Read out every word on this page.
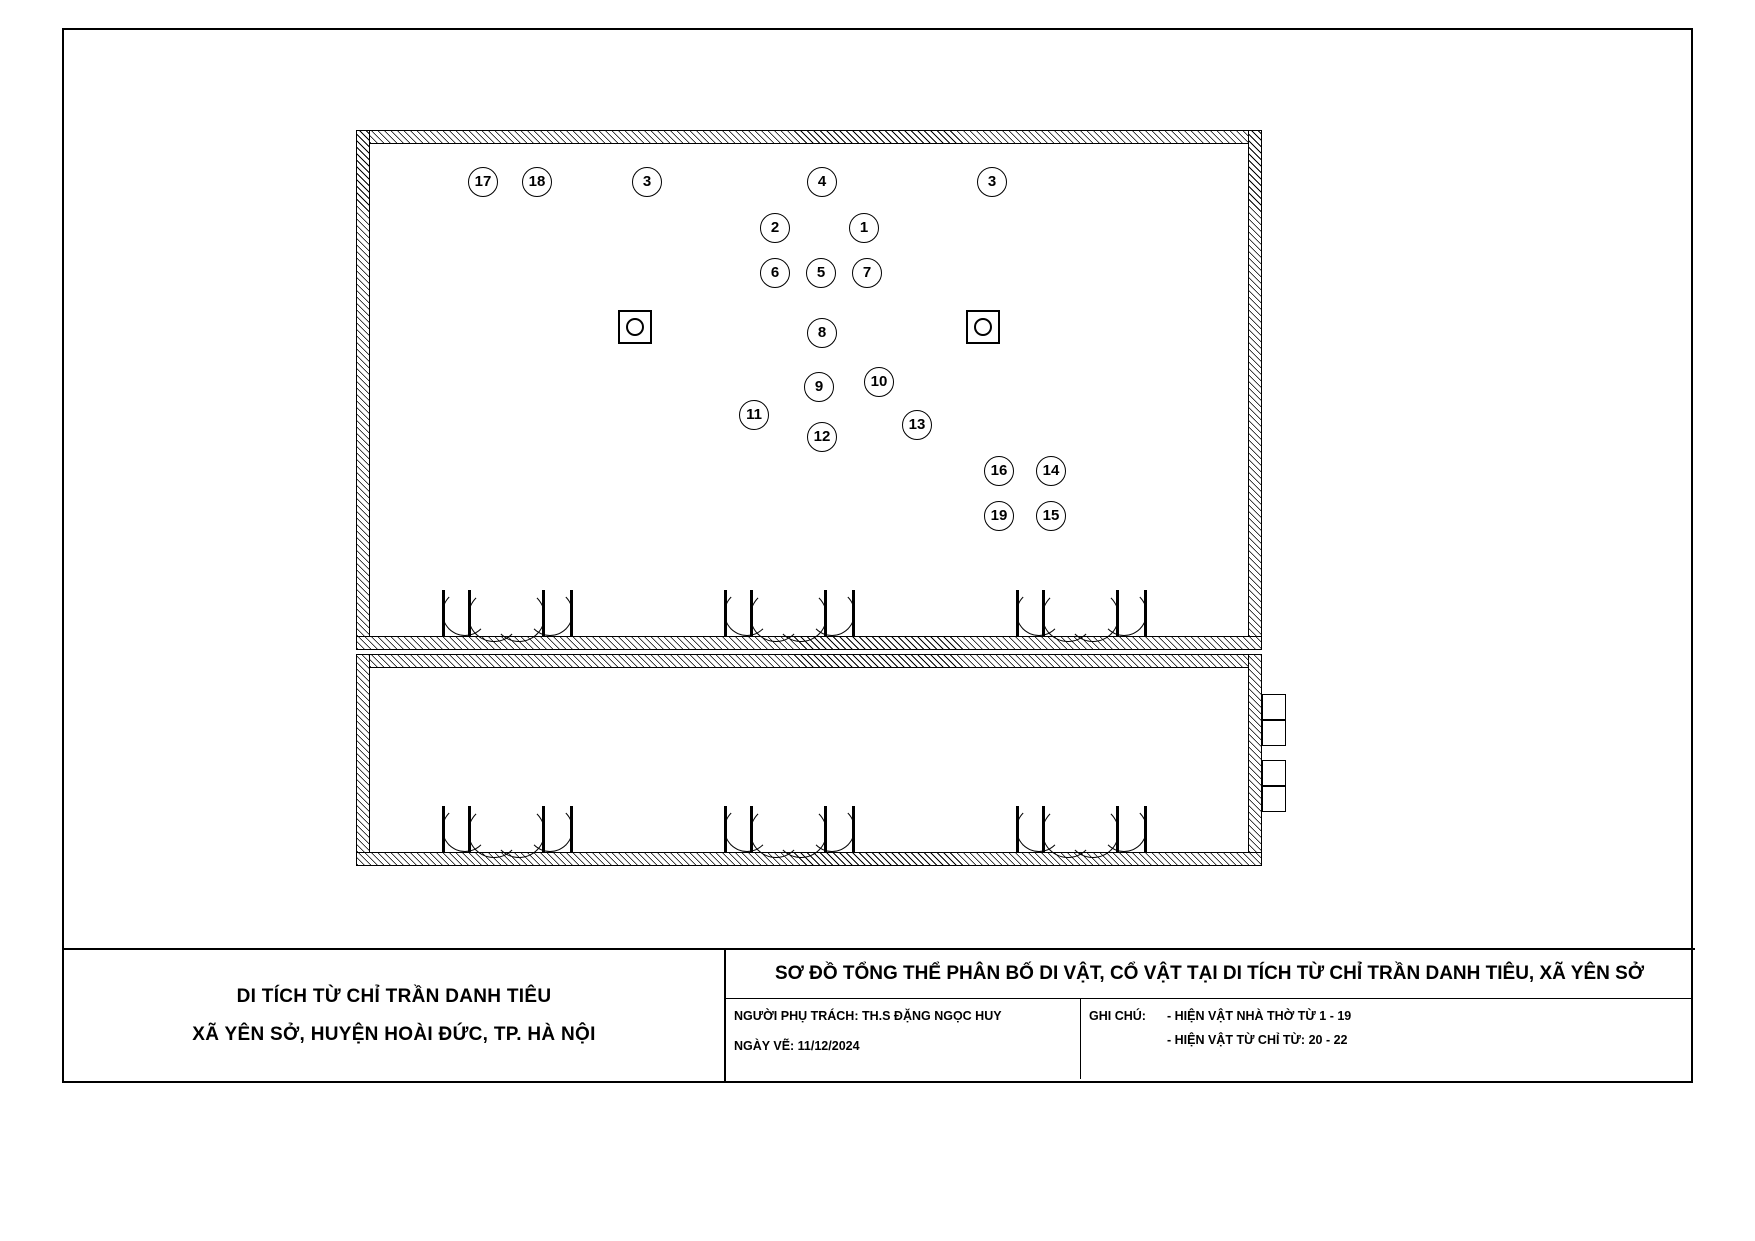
17	18	3	4	3
2	1
6	5	7
8
9	10
11
13
12
16	14
19	15
DI TÍCH TỪ CHỈ TRẦN DANH TIÊU
XÃ YÊN SỞ, HUYỆN HOÀI ĐỨC, TP. HÀ NỘI
SƠ ĐỒ TỔNG THỂ PHÂN BỐ DI VẬT, CỔ VẬT TẠI DI TÍCH TỪ CHỈ TRẦN DANH TIÊU, XÃ YÊN SỞ
NGƯỜI PHỤ TRÁCH: TH.S ĐẶNG NGỌC HUY
NGÀY VẼ: 11/12/2024
GHI CHÚ:	- HIỆN VẬT NHÀ THỜ TỪ 1 - 19
- HIỆN VẬT TỪ CHỈ TỪ: 20 - 22
